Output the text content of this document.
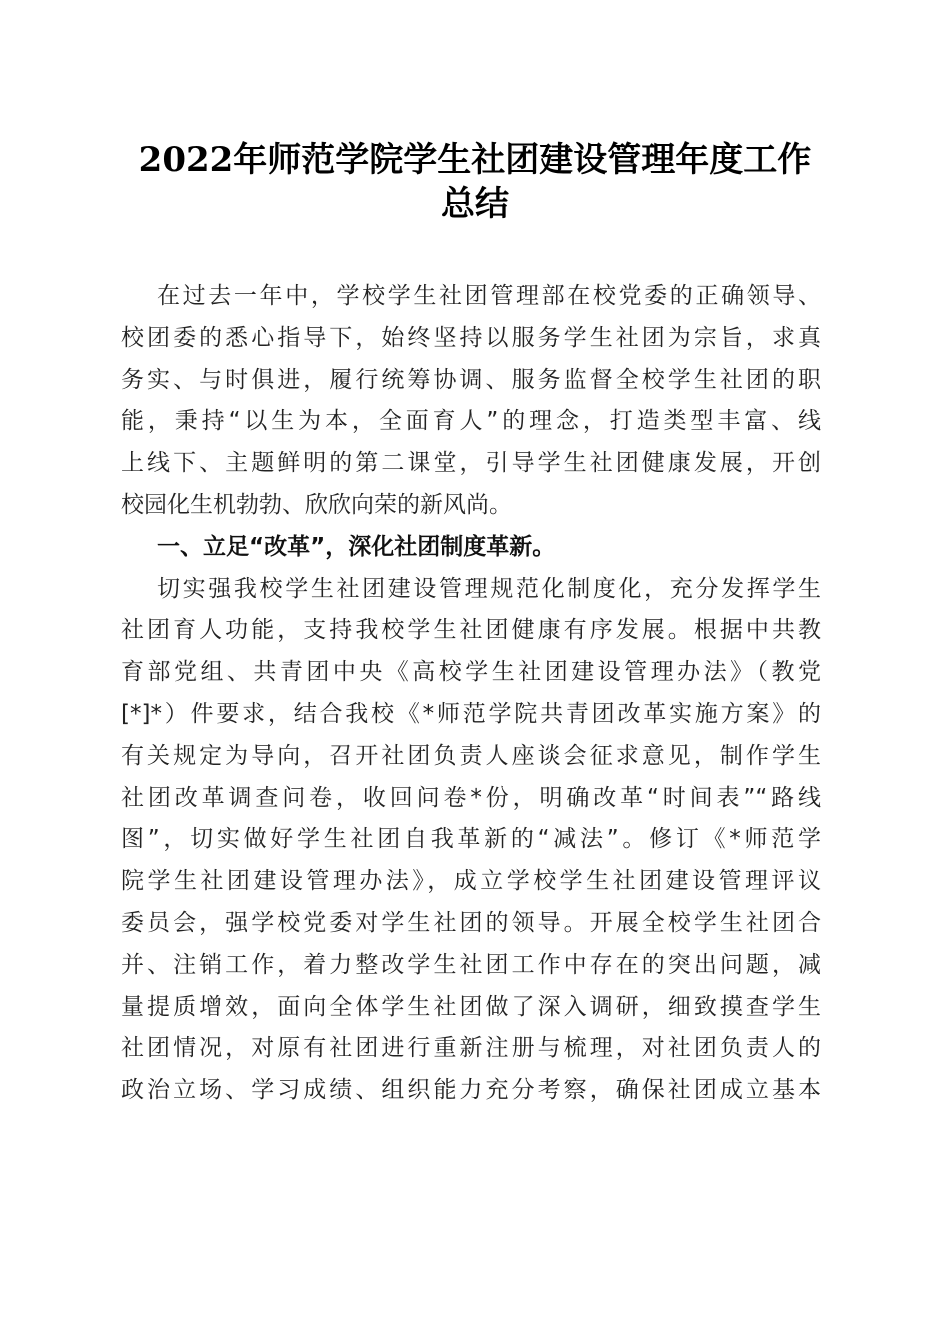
2022年师范学院学生社团建设管理年度工作
总结
在过去一年中，学校学生社团管理部在校党委的正确领导、
校团委的悉心指导下，始终坚持以服务学生社团为宗旨，求真
务实、与时俱进，履行统筹协调、服务监督全校学生社团的职
能，秉持“以生为本，全面育人”的理念，打造类型丰富、线
上线下、主题鲜明的第二课堂，引导学生社团健康发展，开创
校园化生机勃勃、欣欣向荣的新风尚。
一、立足“改革”，深化社团制度革新。
切实强我校学生社团建设管理规范化制度化，充分发挥学生
社团育人功能，支持我校学生社团健康有序发展。根据中共教
育部党组、共青团中央《高校学生社团建设管理办法》（教党
[*]*）件要求，结合我校《*师范学院共青团改革实施方案》的
有关规定为导向，召开社团负责人座谈会征求意见，制作学生
社团改革调查问卷，收回问卷*份，明确改革“时间表”“路线
图”，切实做好学生社团自我革新的“减法”。修订《*师范学
院学生社团建设管理办法》，成立学校学生社团建设管理评议
委员会，强学校党委对学生社团的领导。开展全校学生社团合
并、注销工作，着力整改学生社团工作中存在的突出问题，减
量提质增效，面向全体学生社团做了深入调研，细致摸查学生
社团情况，对原有社团进行重新注册与梳理，对社团负责人的
政治立场、学习成绩、组织能力充分考察，确保社团成立基本
